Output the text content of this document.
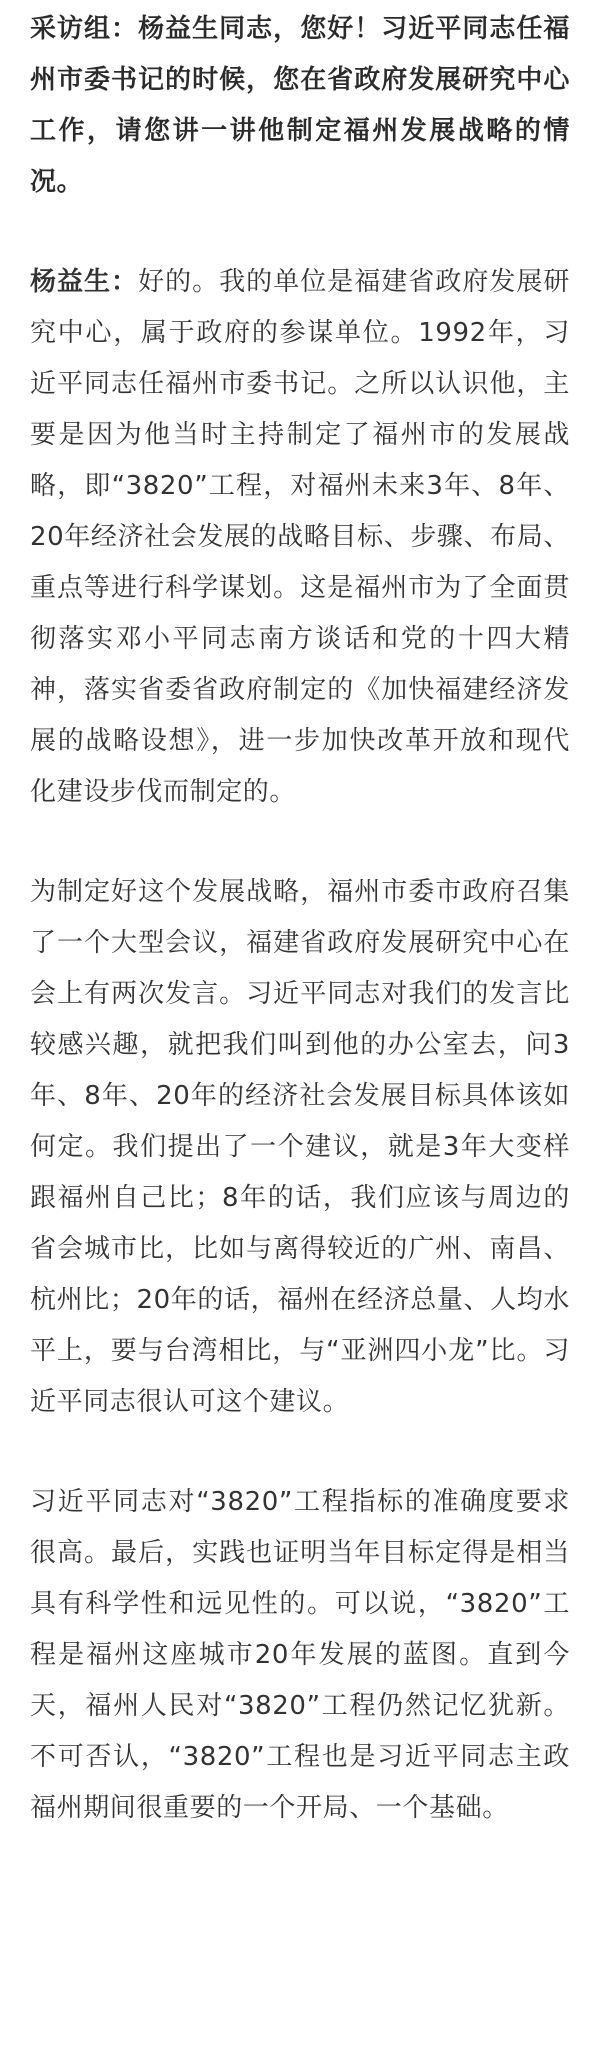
采访组：杨益生同志，您好！习近平同志任福州市委书记的时候，您在省政府发展研究中心工作，请您讲一讲他制定福州发展战略的情况。

杨益生：好的。我的单位是福建省政府发展研究中心，属于政府的参谋单位。1992年，习近平同志任福州市委书记。之所以认识他，主要是因为他当时主持制定了福州市的发展战略，即“3820”工程，对福州未来3年、8年、20年经济社会发展的战略目标、步骤、布局、重点等进行科学谋划。这是福州市为了全面贯彻落实邓小平同志南方谈话和党的十四大精神，落实省委省政府制定的《加快福建经济发展的战略设想》，进一步加快改革开放和现代化建设步伐而制定的。

为制定好这个发展战略，福州市委市政府召集了一个大型会议，福建省政府发展研究中心在会上有两次发言。习近平同志对我们的发言比较感兴趣，就把我们叫到他的办公室去，问3年、8年、20年的经济社会发展目标具体该如何定。我们提出了一个建议，就是3年大变样跟福州自己比；8年的话，我们应该与周边的省会城市比，比如与离得较近的广州、南昌、杭州比；20年的话，福州在经济总量、人均水平上，要与台湾相比，与“亚洲四小龙”比。习近平同志很认可这个建议。

习近平同志对“3820”工程指标的准确度要求很高。最后，实践也证明当年目标定得是相当具有科学性和远见性的。可以说，“3820”工程是福州这座城市20年发展的蓝图。直到今天，福州人民对“3820”工程仍然记忆犹新。不可否认，“3820”工程也是习近平同志主政福州期间很重要的一个开局、一个基础。
